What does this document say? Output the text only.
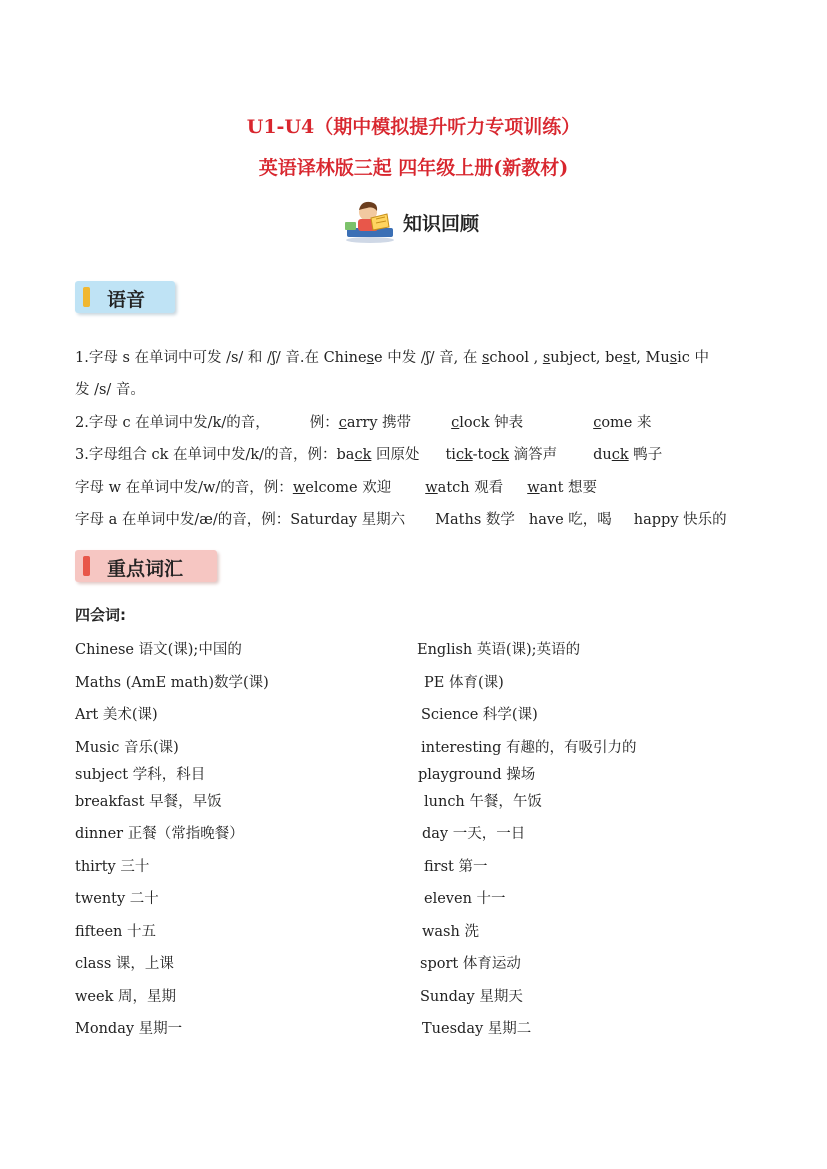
U1-U4（期中模拟提升听力专项训练）
英语译林版三起 四年级上册(新教材)
知识回顾
语音
1.字母 s 在单词中可发 /s/ 和 /ʃ/ 音.在 Chinese 中发 /ʃ/ 音, 在 school , subject, best, Music 中
发 /s/ 音。
2.字母 c 在单词中发/k/的音，	例：carry 携带	clock 钟表	come 来
3.字母组合 ck 在单词中发/k/的音，例：back 回原处 tick-tock 滴答声 duck 鸭子
字母 w 在单词中发/w/的音，例：welcome 欢迎 watch 观看 want 想要
字母 a 在单词中发/æ/的音，例：Saturday 星期六 Maths 数学 have 吃，喝 happy 快乐的
重点词汇
四会词:
Chinese 语文(课);中国的	English 英语(课);英语的
Maths (AmE math)数学(课)	PE 体育(课)
Art 美术(课)	Science 科学(课)
Music 音乐(课)	interesting 有趣的，有吸引力的
subject 学科，科目	playground 操场
breakfast 早餐，早饭	lunch 午餐，午饭
dinner 正餐（常指晚餐）	day 一天，一日
thirty 三十	first 第一
twenty 二十	eleven 十一
fifteen 十五	wash 洗
class 课，上课	sport 体育运动
week 周，星期	Sunday 星期天
Monday 星期一	Tuesday 星期二
